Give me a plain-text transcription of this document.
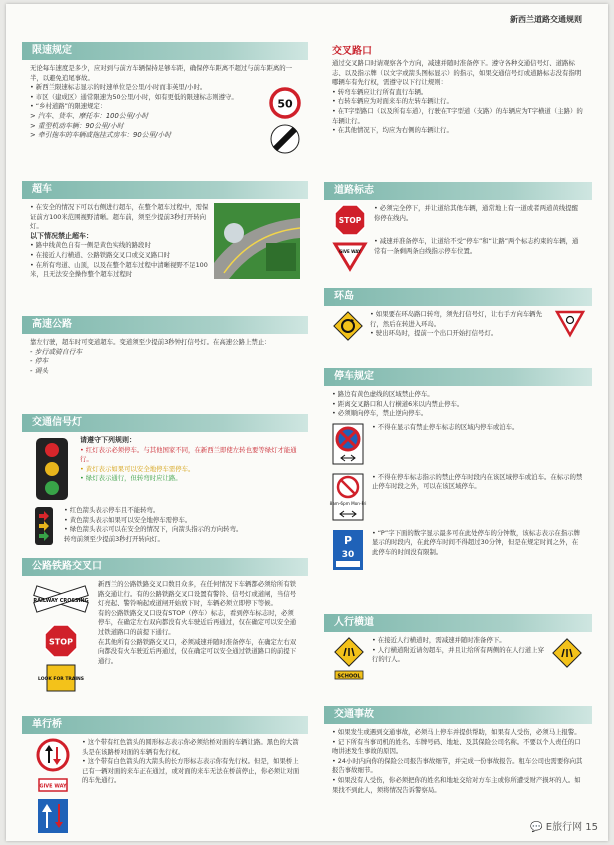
新西兰道路交通规则
限速规定

无论每车速度是多少，应对到与前方车辆保持足够车距，确保停车距离不超过与前车距离的一半，以避免追尾事故。

• 新西兰限速标志显示的时速单位是公里/小时而非英里/小时。

• 市区（建成区）通常限速为50公里/小时，如有更低的限速标志则遵守。

• “乡村道路”的限速规定：

> 汽车、货车、摩托车：100公里/小时

> 重型机动车辆：90公里/小时

> 牵引拖车的车辆或拖挂式房车：90公里/小时

50
超车

• 在安全的情况下可以右侧进行超车，在整个超车过程中，需保证前方100米范围视野清晰。超车前，须至少提前3秒打开转向灯。

以下情况禁止超车：

• 路中线黄色自有一侧是黄色实线的路段时

• 在接近人行横道、公路铁路交叉口或交叉路口时

• 在所有弯道、山顶，以及在整个超车过程中清晰视野不足100米，且无法安全操作整个超车过程时

高速公路

靠左行驶，超车时可变道超车。变道须至少提前3秒钟打信号灯。在高速公路上禁止：

- 步行或骑自行车

- 停车

- 调头

交通信号灯

请遵守下列规则：

• 红灯表示必须停车。与其他国家不同，在新西兰即使左转也要等绿灯才能通行。

• 黄灯表示如果可以安全地停车需停车。

• 绿灯表示通行，但转弯时应让路。

• 红色箭头表示停车且不能转弯。

• 黄色箭头表示如果可以安全地停车需停车。

• 绿色箭头表示可以在安全的情况下，向箭头指示的方向转弯。

转弯前须至少提前3秒打开转向灯。

公路铁路交叉口
RAILWAY CROSSING
STOP
LOOK FOR TRAINS

新西兰的公路铁路交叉口数目众多，在任何情况下车辆都必须给所有铁路交通让行。有的公路铁路交叉口设置有警铃、信号灯或道闸，当信号灯亮起、警铃响起或道闸开始放下时，车辆必须立即停下等候。

有的公路铁路交叉口设有STOP（停车）标志，看到停车标志时，必须停车，在确定左右双向都没有火车驶近后再通过，仅在确定可以安全通过铁道路口的前提下通行。

在其他所有公路铁路交叉口，必须减速并随时准备停车，在确定左右双向都没有火车驶近后再通过，仅在确定可以安全通过铁道路口的前提下通行。

单行桥
GIVE WAY

• 这个带有红色箭头的圆形标志表示你必须给桥对面的车辆让路。黑色的大箭头是在该路桥对面的车辆有先行权。

• 这个带有白色箭头的大箭头的长方形标志表示你有先行权。但是，如果桥上已有一辆对面的来车正在通过，或对面的来车无法在桥前停止，你必须让对面的车先通行。

交叉路口

通过交叉路口时请观察各个方向，减速并随时准备停下。遵守各种交通信号灯、道路标志、以及指示牌（以文字或箭头图标显示）的指示，如果交通信号灯或道路标志没有指明哪辆车有先行权，需遵守以下行让规则：

• 转弯车辆应让行所有直行车辆。

• 右转车辆应为对面来车的左转车辆让行。

• 在T字型路口（以及所有车道），行驶在T字型道（支路）的车辆应为T字横道（主路）的车辆让行。

• 在其他情况下，均应为右侧的车辆让行。

道路标志
STOP
GIVE WAY

• 必须完全停下，并让道给其他车辆，通常地上有一道或者两道黄线提醒你停在线内。

• 减速并准备停车，让道给不受“停车”和“让路”两个标志约束的车辆，通常有一条剩两条白线指示停车位置。

环岛

• 如果要在环岛路口转弯，须先打信号灯，让右手方向车辆先行，然后在转进入环岛。

• 驶出环岛时，提前一个出口开始打信号灯。

停车规定

• 路边有黄色虚线的区域禁止停车。

• 距离交叉路口和人行横道6米以内禁止停车。

• 必须顺向停车，禁止逆向停车。

• 不得在显示有禁止停车标志的区域内停车或泊车。

8am-6pm Mon-Fri

• 不得在停车标志指示的禁止停车时段内在该区域停车或泊车。在标示的禁止停车时段之外，可以在该区域停车。

P
30

• “P”字下面的数字显示最多可在此处停车的分钟数，该标志表示在指示牌显示的时段内，在此停车时间不得超过30分钟，但是在规定时间之外，在此停车的时间没有限制。

人行横道
SCHOOL

• 在接近人行横道时，需减速并随时准备停下。

• 人行横道附近请勿超车，并且让给所有两侧的在人行道上穿行的行人。

交通事故

• 如果发生或遇到交通事故，必须马上停车并提供帮助，如果有人受伤，必须马上报警。

• 记下所有当事司机的姓名、车牌号码、地址、及其保险公司名称。不要以个人责任的口吻讲述发生事故的原因。

• 24小时内向你的保险公司报告事故细节，并完成一份事故报告。租车公司也需要你向其报告事故细节。

• 如果没有人受伤，你必须把你的姓名和地址交给对方车主或你所遭受财产损坏的人。如果找不到此人，须将情况告诉警察局。

💬 E旅行网 15
